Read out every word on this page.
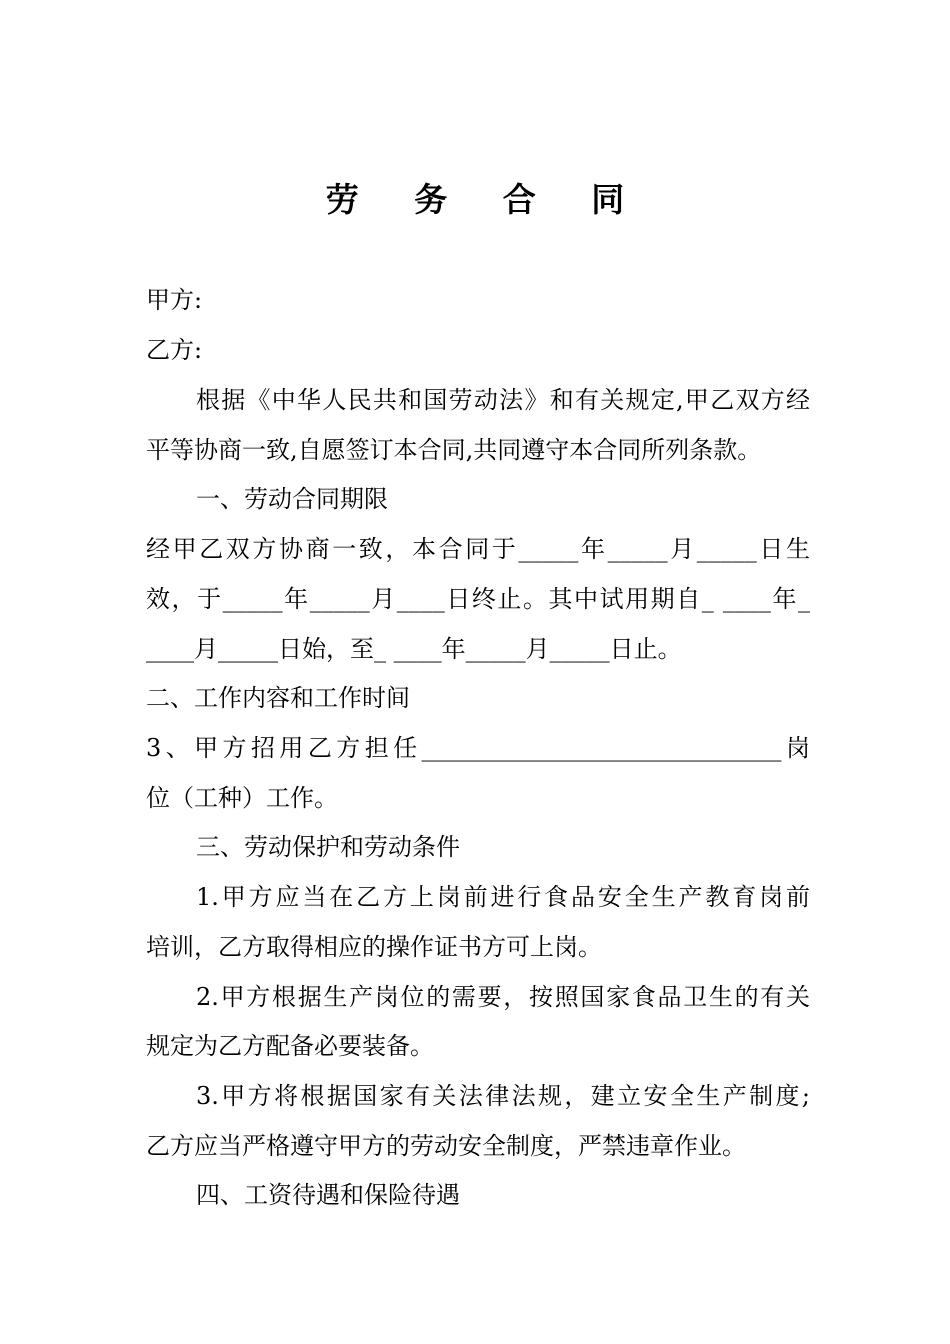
劳 务 合 同
甲方:
乙方:
根据《中华人民共和国劳动法》和有关规定,甲乙双方经
平等协商一致,自愿签订本合同,共同遵守本合同所列条款。
一、劳动合同期限
经甲乙双方协商一致，本合同于_____年_____月_____日生
效，于_____年_____月____日终止。其中试用期自_ ____年_
____月_____日始，至_ ____年_____月_____日止。
二、工作内容和工作时间
3、甲方招用乙方担任______________________________岗
位（工种）工作。
三、劳动保护和劳动条件
1.甲方应当在乙方上岗前进行食品安全生产教育岗前
培训，乙方取得相应的操作证书方可上岗。
2.甲方根据生产岗位的需要，按照国家食品卫生的有关
规定为乙方配备必要装备。
3.甲方将根据国家有关法律法规，建立安全生产制度;
乙方应当严格遵守甲方的劳动安全制度，严禁违章作业。
四、工资待遇和保险待遇
